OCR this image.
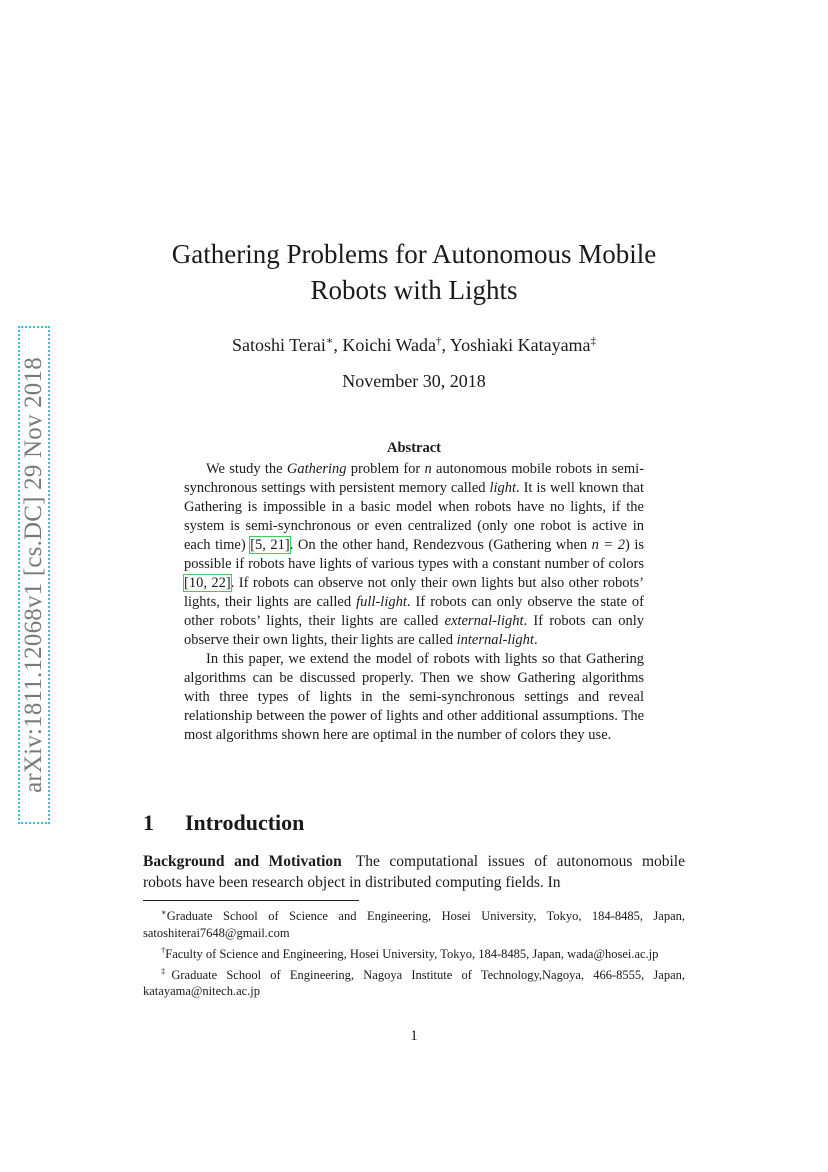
arXiv:1811.12068v1 [cs.DC] 29 Nov 2018
Gathering Problems for Autonomous Mobile
Robots with Lights
Satoshi Terai∗, Koichi Wada†, Yoshiaki Katayama‡
November 30, 2018
Abstract

We study the Gathering problem for n autonomous mobile robots in semi-synchronous settings with persistent memory called light. It is well known that Gathering is impossible in a basic model when robots have no lights, if the system is semi-synchronous or even centralized (only one robot is active in each time) [5, 21]. On the other hand, Rendezvous (Gathering when n = 2) is possible if robots have lights of various types with a constant number of colors [10, 22]. If robots can observe not only their own lights but also other robots’ lights, their lights are called full-light. If robots can only observe the state of other robots’ lights, their lights are called external-light. If robots can only observe their own lights, their lights are called internal-light.

In this paper, we extend the model of robots with lights so that Gathering algorithms can be discussed properly. Then we show Gathering algorithms with three types of lights in the semi-synchronous settings and reveal relationship between the power of lights and other additional assumptions. The most algorithms shown here are optimal in the number of colors they use.

1 Introduction

Background and Motivation The computational issues of autonomous mobile robots have been research object in distributed computing fields. In

∗Graduate School of Science and Engineering, Hosei University, Tokyo, 184-8485, Japan, satoshiterai7648@gmail.com

†Faculty of Science and Engineering, Hosei University, Tokyo, 184-8485, Japan, wada@hosei.ac.jp

‡Graduate School of Engineering, Nagoya Institute of Technology,Nagoya, 466-8555, Japan, katayama@nitech.ac.jp

1
